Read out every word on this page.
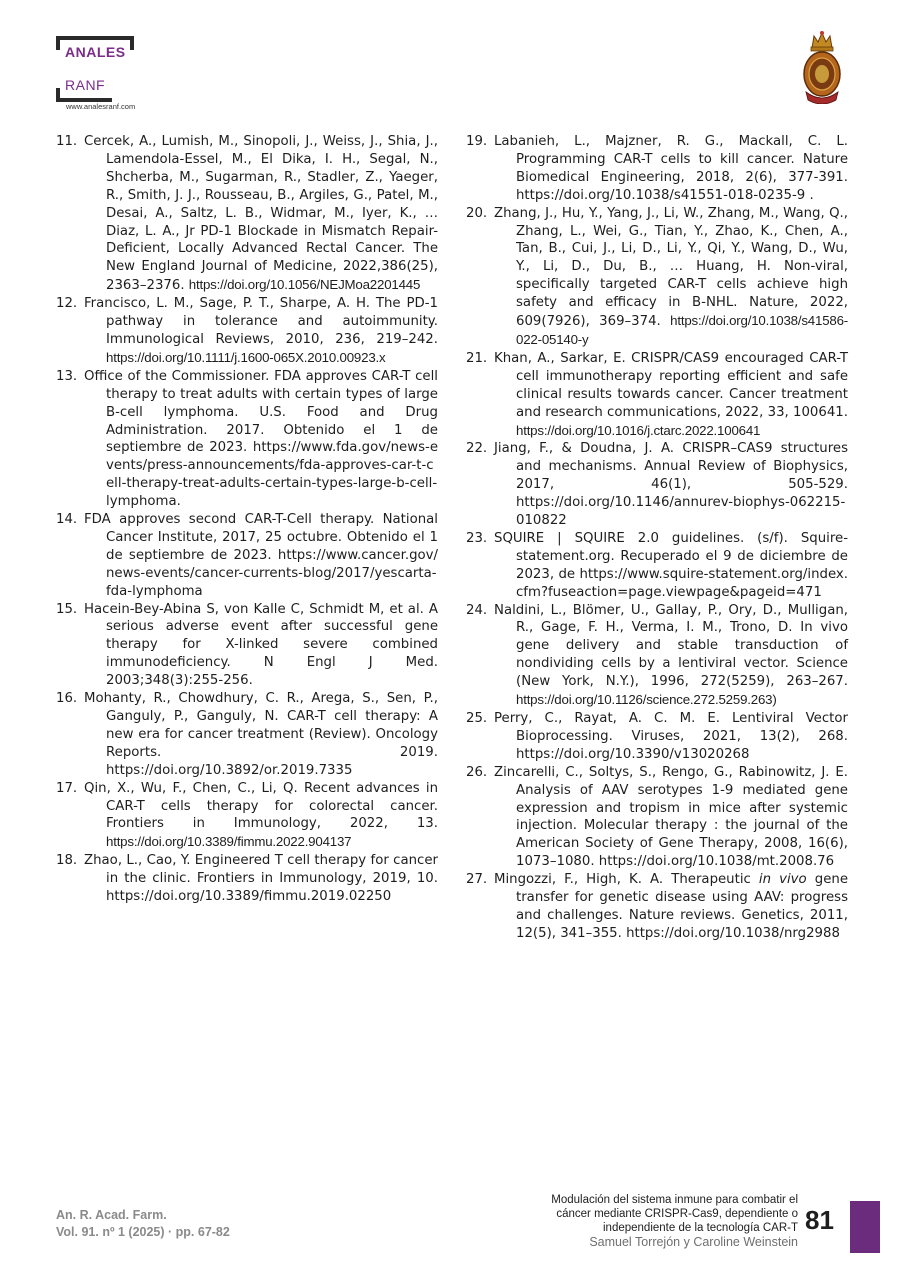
ANALES
RANF
www.analesranf.com
11. Cercek, A., Lumish, M., Sinopoli, J., Weiss, J., Shia, J., Lamendola-Essel, M., El Dika, I. H., Segal, N., Shcherba, M., Sugarman, R., Stadler, Z., Yaeger, R., Smith, J. J., Rousseau, B., Argiles, G., Patel, M., Desai, A., Saltz, L. B., Widmar, M., Iyer, K., … Diaz, L. A., Jr PD-1 Blockade in Mismatch Repair-Deficient, Locally Advanced Rectal Cancer. The New England Journal of Medicine, 2022,386(25), 2363–2376. https://doi.org/10.1056/NEJMoa2201445
12. Francisco, L. M., Sage, P. T., Sharpe, A. H. The PD-1 pathway in tolerance and autoimmunity. Immunological Reviews, 2010, 236, 219–242. https://doi.org/10.1111/j.1600-065X.2010.00923.x
13. Office of the Commissioner. FDA approves CAR-T cell therapy to treat adults with certain types of large B-cell lymphoma. U.S. Food and Drug Administration. 2017. Obtenido el 1 de septiembre de 2023. https://www.fda.gov/news-events/press-announcements/fda-approves-car-t-cell-therapy-treat-adults-certain-types-large-b-cell-lymphoma.
14. FDA approves second CAR-T-Cell therapy. National Cancer Institute, 2017, 25 octubre. Obtenido el 1 de septiembre de 2023. https://www.cancer.gov/news-events/cancer-currents-blog/2017/yescarta-fda-lymphoma
15. Hacein-Bey-Abina S, von Kalle C, Schmidt M, et al. A serious adverse event after successful gene therapy for X-linked severe combined immunodeficiency. N Engl J Med. 2003;348(3):255-256.
16. Mohanty, R., Chowdhury, C. R., Arega, S., Sen, P., Ganguly, P., Ganguly, N. CAR-T cell therapy: A new era for cancer treatment (Review). Oncology Reports. 2019. https://doi.org/10.3892/or.2019.7335
17. Qin, X., Wu, F., Chen, C., Li, Q. Recent advances in CAR-T cells therapy for colorectal cancer. Frontiers in Immunology, 2022, 13. https://doi.org/10.3389/fimmu.2022.904137
18. Zhao, L., Cao, Y. Engineered T cell therapy for cancer in the clinic. Frontiers in Immunology, 2019, 10. https://doi.org/10.3389/fimmu.2019.02250
19. Labanieh, L., Majzner, R. G., Mackall, C. L. Programming CAR-T cells to kill cancer. Nature Biomedical Engineering, 2018, 2(6), 377-391. https://doi.org/10.1038/s41551-018-0235-9 .
20. Zhang, J., Hu, Y., Yang, J., Li, W., Zhang, M., Wang, Q., Zhang, L., Wei, G., Tian, Y., Zhao, K., Chen, A., Tan, B., Cui, J., Li, D., Li, Y., Qi, Y., Wang, D., Wu, Y., Li, D., Du, B., … Huang, H. Non-viral, specifically targeted CAR-T cells achieve high safety and efficacy in B-NHL. Nature, 2022, 609(7926), 369–374. https://doi.org/10.1038/s41586-022-05140-y
21. Khan, A., Sarkar, E. CRISPR/CAS9 encouraged CAR-T cell immunotherapy reporting efficient and safe clinical results towards cancer. Cancer treatment and research communications, 2022, 33, 100641. https://doi.org/10.1016/j.ctarc.2022.100641
22. Jiang, F., & Doudna, J. A. CRISPR–CAS9 structures and mechanisms. Annual Review of Biophysics, 2017, 46(1), 505-529. https://doi.org/10.1146/annurev-biophys-062215-010822
23. SQUIRE | SQUIRE 2.0 guidelines. (s/f). Squire-statement.org. Recuperado el 9 de diciembre de 2023, de https://www.squire-statement.org/index.cfm?fuseaction=page.viewpage&pageid=471
24. Naldini, L., Blömer, U., Gallay, P., Ory, D., Mulligan, R., Gage, F. H., Verma, I. M., Trono, D. In vivo gene delivery and stable transduction of nondividing cells by a lentiviral vector. Science (New York, N.Y.), 1996, 272(5259), 263–267. https://doi.org/10.1126/science.272.5259.263)
25. Perry, C., Rayat, A. C. M. E. Lentiviral Vector Bioprocessing. Viruses, 2021, 13(2), 268. https://doi.org/10.3390/v13020268
26. Zincarelli, C., Soltys, S., Rengo, G., Rabinowitz, J. E. Analysis of AAV serotypes 1-9 mediated gene expression and tropism in mice after systemic injection. Molecular therapy : the journal of the American Society of Gene Therapy, 2008, 16(6), 1073–1080. https://doi.org/10.1038/mt.2008.76
27. Mingozzi, F., High, K. A. Therapeutic in vivo gene transfer for genetic disease using AAV: progress and challenges. Nature reviews. Genetics, 2011, 12(5), 341–355. https://doi.org/10.1038/nrg2988
An. R. Acad. Farm.
Vol. 91. nº 1 (2025) · pp. 67-82
Modulación del sistema inmune para combatir el
cáncer mediante CRISPR-Cas9, dependiente o
independiente de la tecnología CAR-T
Samuel Torrejón y Caroline Weinstein
81
